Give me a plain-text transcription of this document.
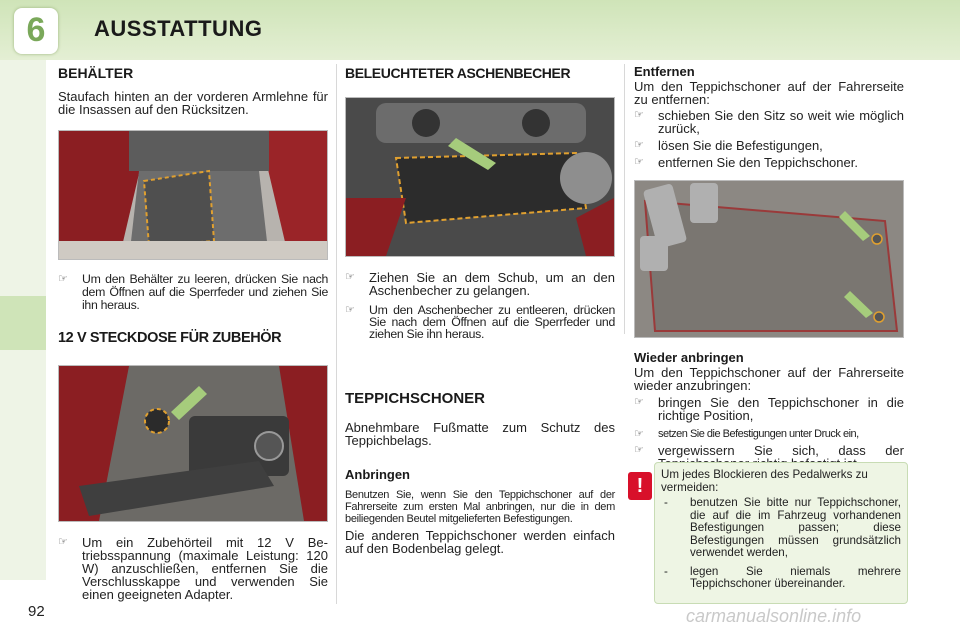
6	AUSSTATTUNG
92
BEHÄLTER

Staufach hinten an der vorderen Armlehne für die Insassen auf den Rücksitzen.

☞	Um den Behälter zu leeren, drücken Sie nach dem Öffnen auf die Sperrfeder und ziehen Sie ihn heraus.
12 V STECKDOSE FÜR ZUBEHÖR
☞	Um ein Zubehörteil mit 12 V Betriebsspannung (maximale Leistung: 120 W) anzuschließen, entfernen Sie die Verschlusskappe und verwenden Sie einen geeigneten Adapter.
BELEUCHTETER ASCHENBECHER
☞	Ziehen Sie an dem Schub, um an den Aschenbecher zu gelangen.
☞	Um den Aschenbecher zu entleeren, drücken Sie nach dem Öffnen auf die Sperrfeder und ziehen Sie ihn heraus.
TEPPICHSCHONER

Abnehmbare Fußmatte zum Schutz des Teppichbelags.

Anbringen

Benutzen Sie, wenn Sie den Teppichschoner auf der Fahrerseite zum ersten Mal anbringen, nur die in dem beiliegenden Beutel mitgelieferten Befestigungen.

Die anderen Teppichschoner werden einfach auf den Bodenbelag gelegt.

Entfernen

Um den Teppichschoner auf der Fahrerseite zu entfernen:

☞	schieben Sie den Sitz so weit wie möglich zurück,
☞	lösen Sie die Befestigungen,
☞	entfernen Sie den Teppichschoner.
Wieder anbringen

Um den Teppichschoner auf der Fahrerseite wieder anzubringen:

☞	bringen Sie den Teppichschoner in die richtige Position,
☞	setzen Sie die Befestigungen unter Druck ein,
☞	vergewissern Sie sich, dass der
!
Um jedes Blockieren des Pedalwerks zu vermeiden:
-	benutzen Sie bitte nur Teppichschoner, die auf die im Fahrzeug vorhandenen Befestigungen passen; diese Befestigungen müssen grundsätzlich verwendet werden,
-	legen Sie niemals mehrere Teppichschoner übereinander.
carmanualsonline.info
